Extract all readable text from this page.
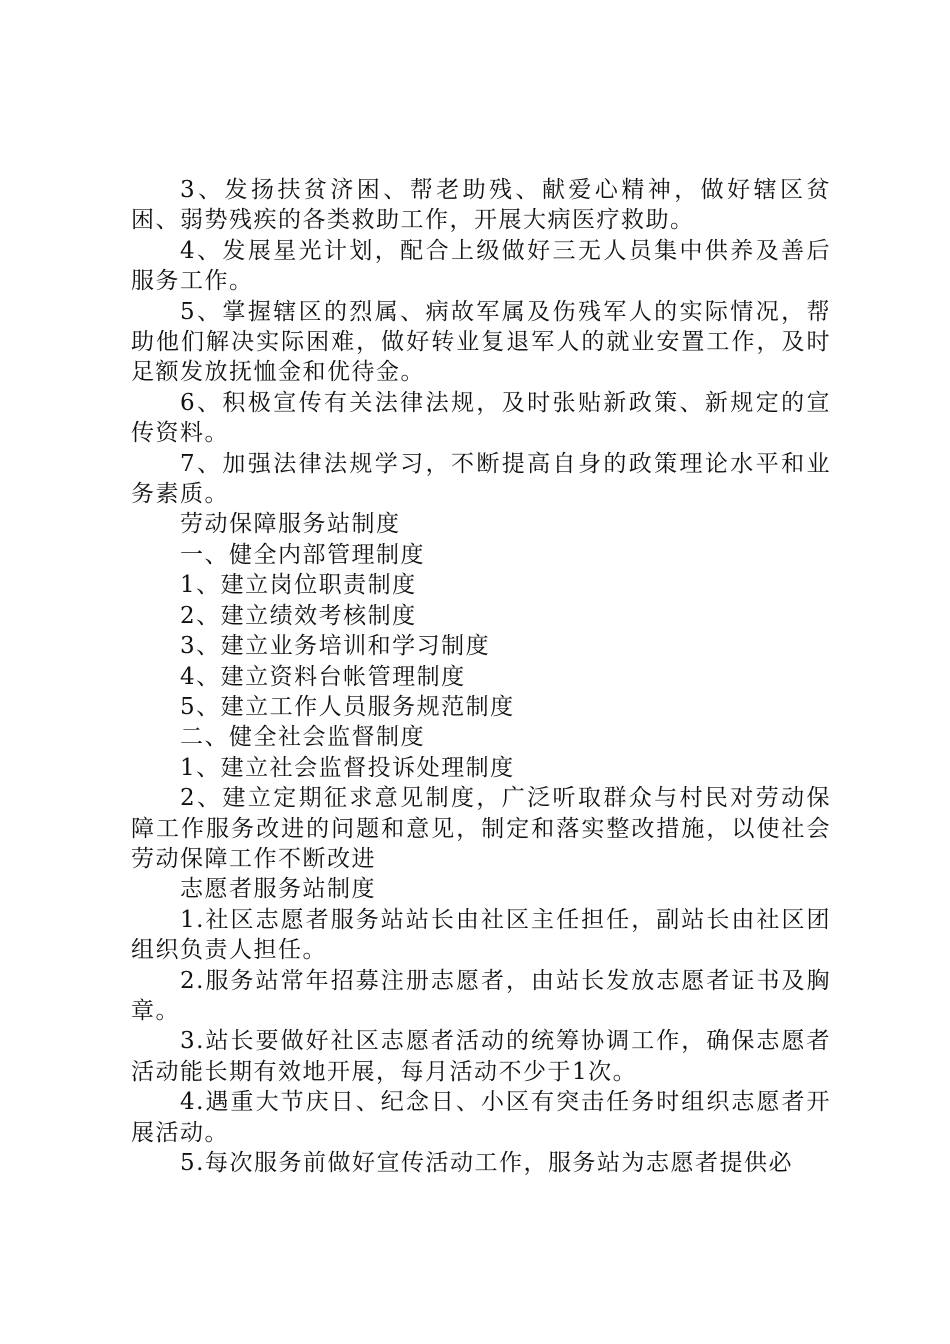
3、发扬扶贫济困、帮老助残、献爱心精神，做好辖区贫困、弱势残疾的各类救助工作，开展大病医疗救助。

4、发展星光计划，配合上级做好三无人员集中供养及善后服务工作。

5、掌握辖区的烈属、病故军属及伤残军人的实际情况，帮助他们解决实际困难，做好转业复退军人的就业安置工作，及时足额发放抚恤金和优待金。

6、积极宣传有关法律法规，及时张贴新政策、新规定的宣传资料。

7、加强法律法规学习，不断提高自身的政策理论水平和业务素质。

劳动保障服务站制度

一、健全内部管理制度

1、建立岗位职责制度

2、建立绩效考核制度

3、建立业务培训和学习制度

4、建立资料台帐管理制度

5、建立工作人员服务规范制度

二、健全社会监督制度

1、建立社会监督投诉处理制度

2、建立定期征求意见制度，广泛听取群众与村民对劳动保障工作服务改进的问题和意见，制定和落实整改措施，以使社会劳动保障工作不断改进

志愿者服务站制度

1.社区志愿者服务站站长由社区主任担任，副站长由社区团组织负责人担任。

2.服务站常年招募注册志愿者，由站长发放志愿者证书及胸章。

3.站长要做好社区志愿者活动的统筹协调工作，确保志愿者活动能长期有效地开展，每月活动不少于1次。

4.遇重大节庆日、纪念日、小区有突击任务时组织志愿者开展活动。

5.每次服务前做好宣传活动工作，服务站为志愿者提供必
